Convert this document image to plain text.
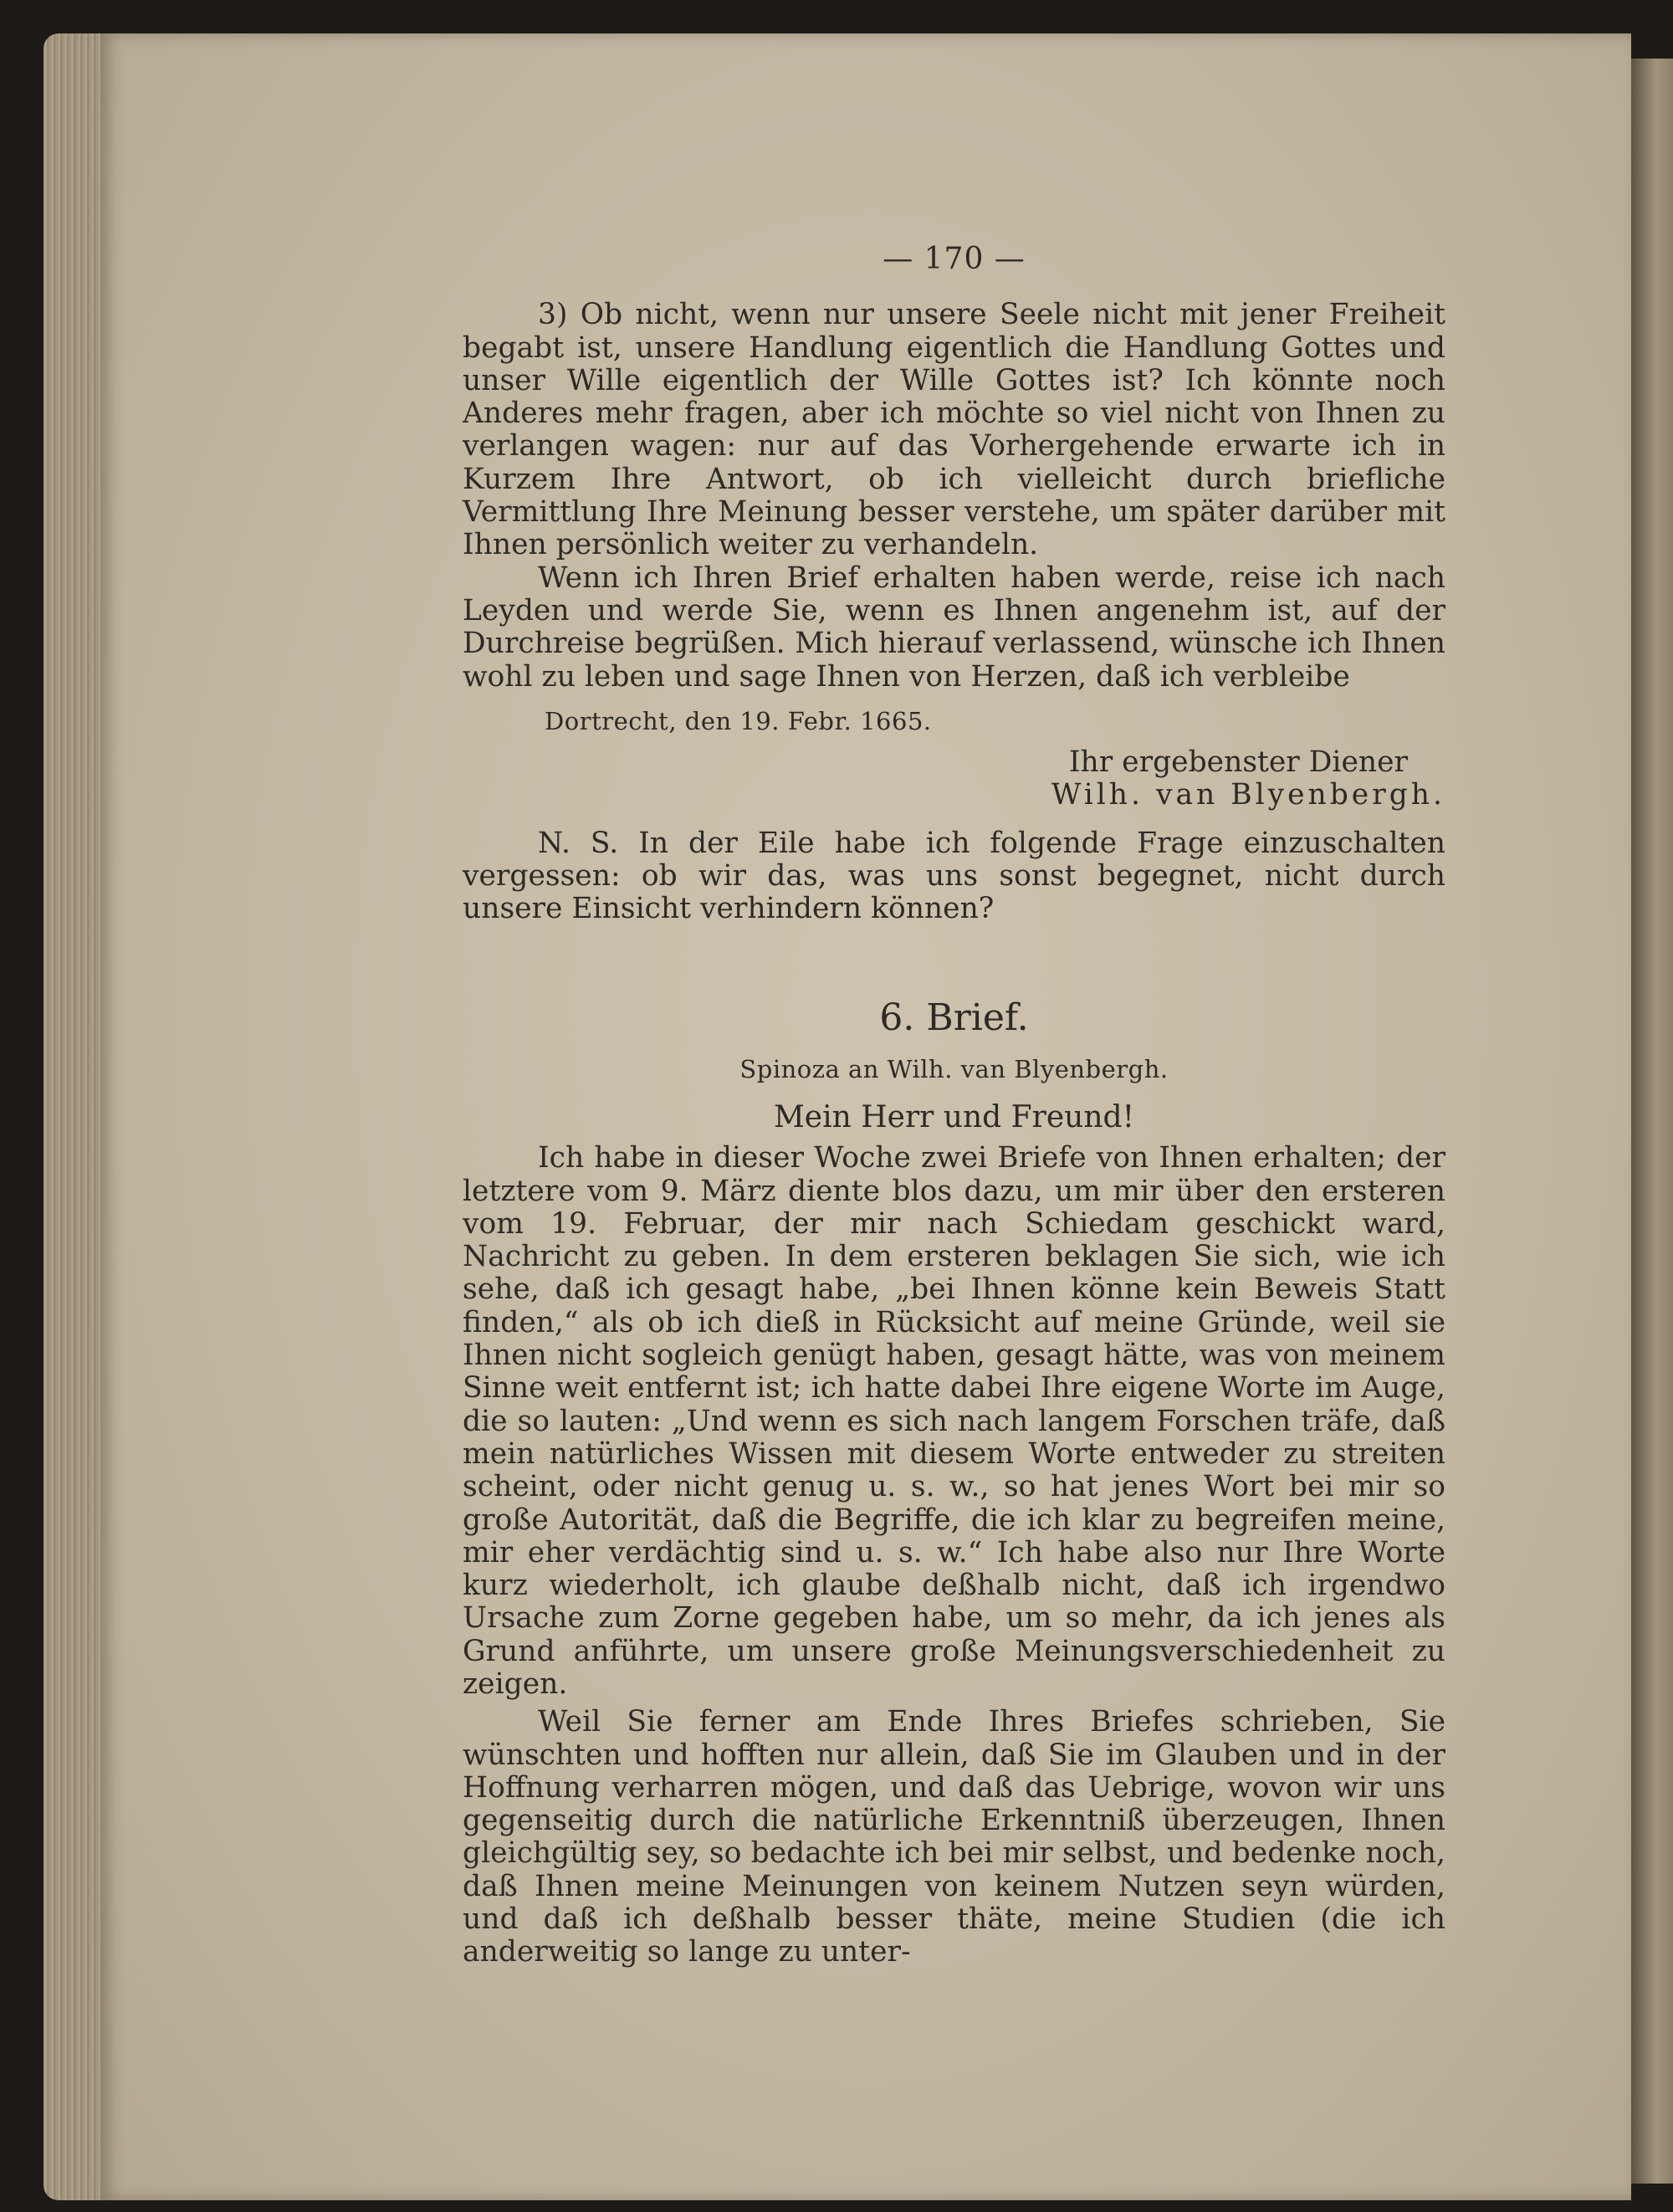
— 170 —

3) Ob nicht, wenn nur unsere Seele nicht mit jener Freiheit begabt ist, unsere Handlung eigentlich die Handlung Gottes und unser Wille eigentlich der Wille Gottes ist? Ich könnte noch Anderes mehr fragen, aber ich möchte so viel nicht von Ihnen zu verlangen wagen: nur auf das Vorhergehende erwarte ich in Kurzem Ihre Antwort, ob ich vielleicht durch briefliche Vermittlung Ihre Meinung besser verstehe, um später darüber mit Ihnen persönlich weiter zu verhandeln.

Wenn ich Ihren Brief erhalten haben werde, reise ich nach Leyden und werde Sie, wenn es Ihnen angenehm ist, auf der Durchreise begrüßen. Mich hierauf verlassend, wünsche ich Ihnen wohl zu leben und sage Ihnen von Herzen, daß ich verbleibe

Dortrecht, den 19. Febr. 1665.
Ihr ergebenster Diener
Wilh. van Blyenbergh.

N. S. In der Eile habe ich folgende Frage einzuschalten vergessen: ob wir das, was uns sonst begegnet, nicht durch unsere Einsicht verhindern können?

6. Brief.
Spinoza an Wilh. van Blyenbergh.
Mein Herr und Freund!

Ich habe in dieser Woche zwei Briefe von Ihnen erhalten; der letztere vom 9. März diente blos dazu, um mir über den ersteren vom 19. Februar, der mir nach Schiedam geschickt ward, Nachricht zu geben. In dem ersteren beklagen Sie sich, wie ich sehe, daß ich gesagt habe, „bei Ihnen könne kein Beweis Statt finden,“ als ob ich dieß in Rücksicht auf meine Gründe, weil sie Ihnen nicht sogleich genügt haben, gesagt hätte, was von meinem Sinne weit entfernt ist; ich hatte dabei Ihre eigene Worte im Auge, die so lauten: „Und wenn es sich nach langem Forschen träfe, daß mein natürliches Wissen mit diesem Worte entweder zu streiten scheint, oder nicht genug u. s. w., so hat jenes Wort bei mir so große Autorität, daß die Begriffe, die ich klar zu begreifen meine, mir eher verdächtig sind u. s. w.“ Ich habe also nur Ihre Worte kurz wiederholt, ich glaube deßhalb nicht, daß ich irgendwo Ursache zum Zorne gegeben habe, um so mehr, da ich jenes als Grund anführte, um unsere große Meinungsverschiedenheit zu zeigen.

Weil Sie ferner am Ende Ihres Briefes schrieben, Sie wünschten und hofften nur allein, daß Sie im Glauben und in der Hoffnung verharren mögen, und daß das Uebrige, wovon wir uns gegenseitig durch die natürliche Erkenntniß überzeugen, Ihnen gleichgültig sey, so bedachte ich bei mir selbst, und bedenke noch, daß Ihnen meine Meinungen von keinem Nutzen seyn würden, und daß ich deßhalb besser thäte, meine Studien (die ich anderweitig so lange zu unter-
